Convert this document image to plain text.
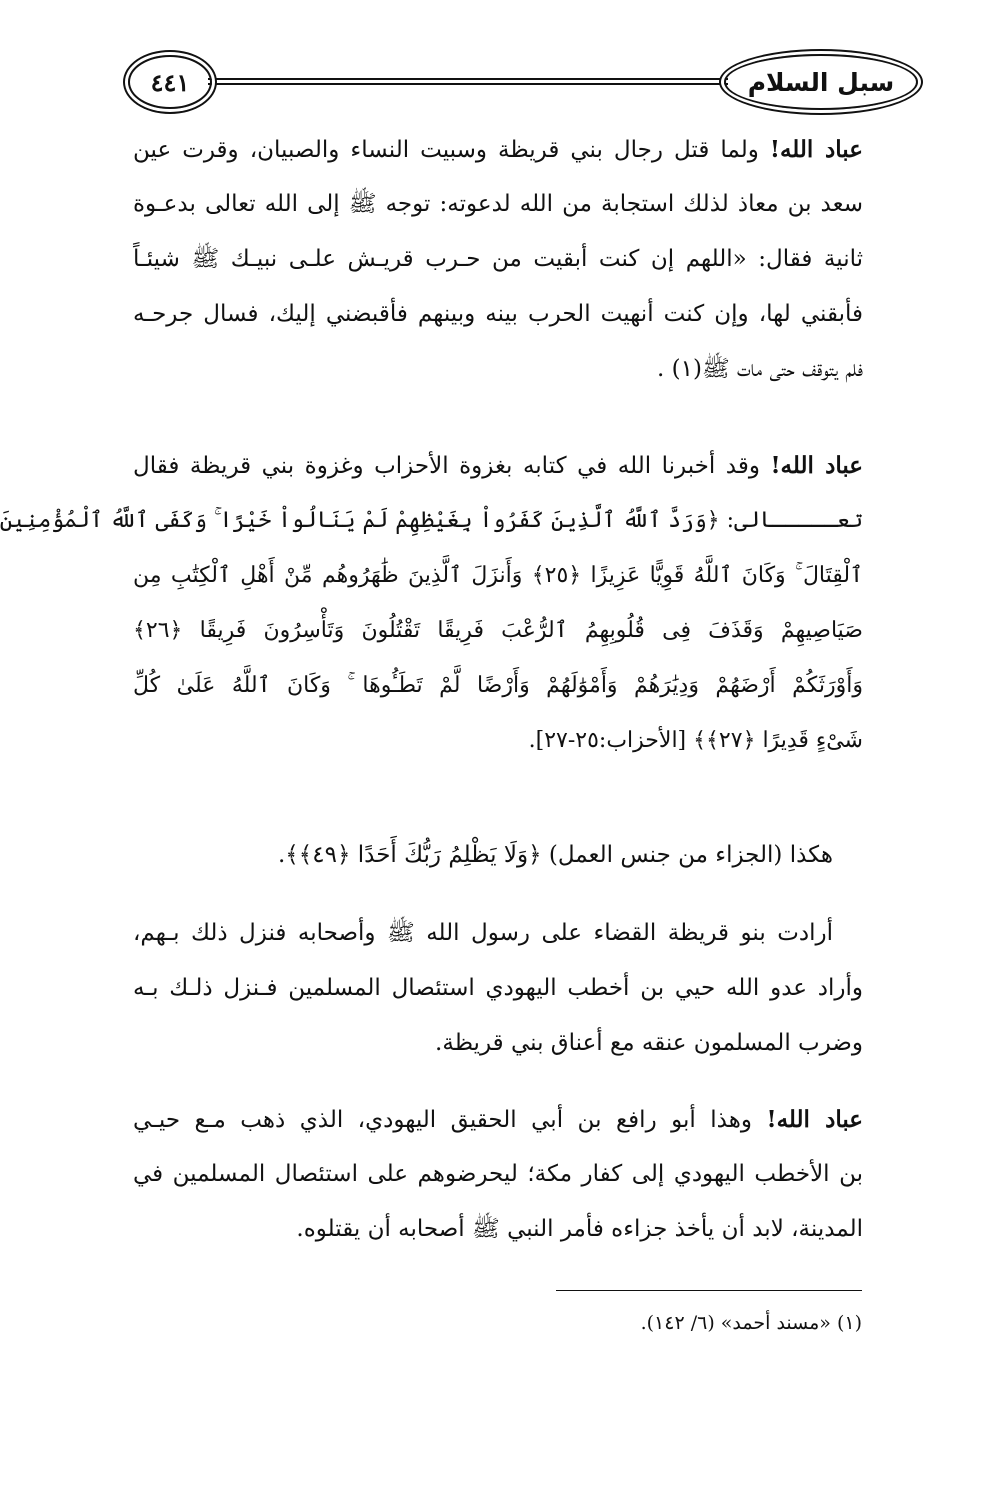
٤٤١	سبل السلام
عباد الله! ولما قتل رجال بني قريظة وسبيت النساء والصبيان، وقرت عين
سعد بن معاذ لذلك استجابة من الله لدعوته: توجه ﷺ إلى الله تعالى بدعـوة
ثانية فقال: «اللهم إن كنت أبقيت من حـرب قريـش علـى نبيـك ﷺ شيئـاً
فأبقني لها، وإن كنت أنهيت الحرب بينه وبينهم فأقبضني إليك، فسال جرحـه
فلم يتوقف حتى مات ﷺ(١) .
عباد الله! وقد أخبرنا الله في كتابه بغزوة الأحزاب وغزوة بني قريظة فقال
تعـــــالى: ﴿وَرَدَّ ٱللَّهُ ٱلَّذِينَ كَفَرُواْ بِغَيْظِهِمْ لَمْ يَنَالُواْ خَيْرًا ۚ وَكَفَى ٱللَّهُ ٱلْمُؤْمِنِينَ
ٱلْقِتَالَ ۚ وَكَانَ ٱللَّهُ قَوِيًّا عَزِيزًا ﴿٢٥﴾ وَأَنزَلَ ٱلَّذِينَ ظَٰهَرُوهُم مِّنْ أَهْلِ ٱلْكِتَٰبِ مِن
صَيَاصِيهِمْ وَقَذَفَ فِى قُلُوبِهِمُ ٱلرُّعْبَ فَرِيقًا تَقْتُلُونَ وَتَأْسِرُونَ فَرِيقًا ﴿٢٦﴾
وَأَوْرَثَكُمْ أَرْضَهُمْ وَدِيَٰرَهُمْ وَأَمْوَٰلَهُمْ وَأَرْضًا لَّمْ تَطَـُٔوهَا ۚ وَكَانَ ٱللَّهُ عَلَىٰ كُلِّ
شَىْءٍ قَدِيرًا ﴿٢٧﴾﴾ [الأحزاب:٢٥-٢٧].
هكذا (الجزاء من جنس العمل) ﴿وَلَا يَظْلِمُ رَبُّكَ أَحَدًا ﴿٤٩﴾﴾.
أرادت بنو قريظة القضاء على رسول الله ﷺ وأصحابه فنزل ذلك بـهم،
وأراد عدو الله حيي بن أخطب اليهودي استئصال المسلمين فـنزل ذلـك بـه
وضرب المسلمون عنقه مع أعناق بني قريظة.
عباد الله! وهذا أبو رافع بن أبي الحقيق اليهودي، الذي ذهب مـع حيـي
بن الأخطب اليهودي إلى كفار مكة؛ ليحرضوهم على استئصال المسلمين في
المدينة، لابد أن يأخذ جزاءه فأمر النبي ﷺ أصحابه أن يقتلوه.
(١) «مسند أحمد» (٦/ ١٤٢).
